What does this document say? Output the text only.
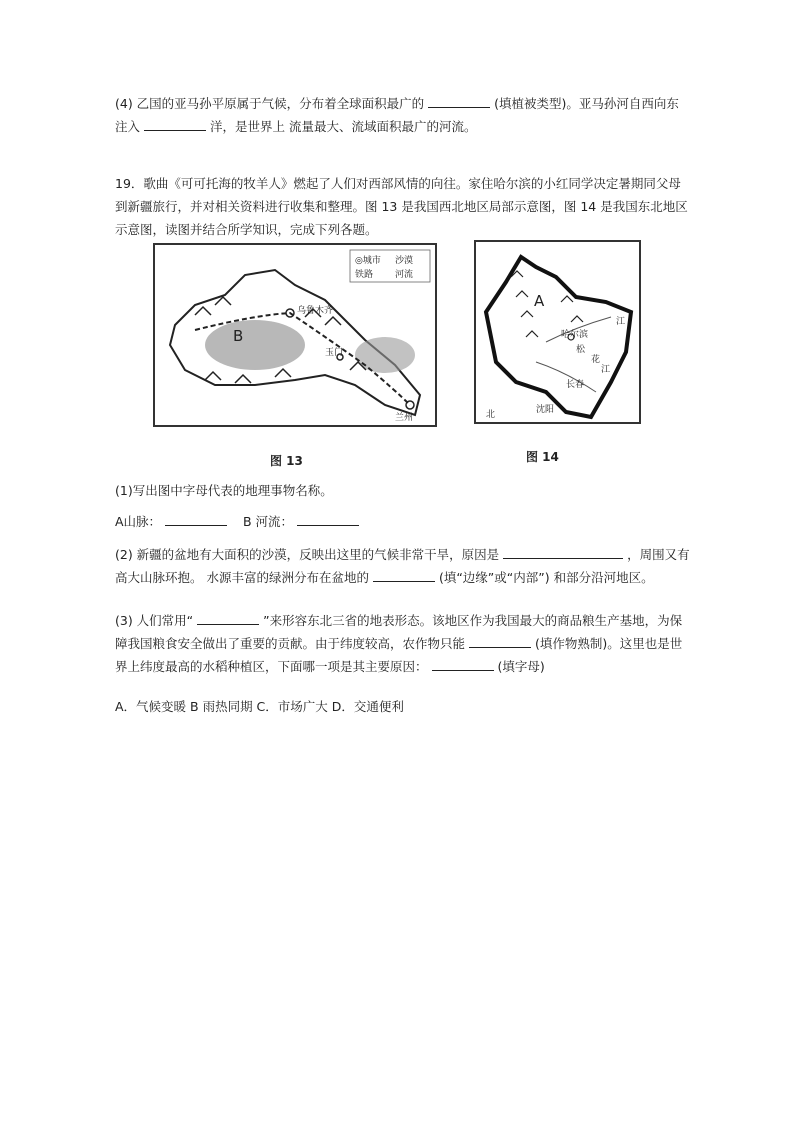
(4) 乙国的亚马孙平原属于气候，分布着全球面积最广的	(填植被类型)。亚马孙河自西向东注入	洋，是世界上 流量最大、流域面积最广的河流。
19．歌曲《可可托海的牧羊人》燃起了人们对西部风情的向往。家住哈尔滨的小红同学决定暑期同父母到新疆旅行，并对相关资料进行收集和整理。图 13 是我国西北地区局部示意图，图 14 是我国东北地区示意图，读图并结合所学知识，完成下列各题。
◎城市 沙漠
铁路 河流
乌鲁木齐
玉门
兰州
B
图 13
A
哈尔滨
江
松
花
江
长春
北	沈阳
图 14
(1)写出图中字母代表的地理事物名称。
A山脉：	B 河流：
(2) 新疆的盆地有大面积的沙漠，反映出这里的气候非常干旱，原因是	，周围又有高大山脉环抱。 水源丰富的绿洲分布在盆地的	(填“边缘”或“内部”) 和部分沿河地区。
(3) 人们常用“	”来形容东北三省的地表形态。该地区作为我国最大的商品粮生产基地，为保障我国粮食安全做出了重要的贡献。由于纬度较高，农作物只能	(填作物熟制)。这里也是世界上纬度最高的水稻种植区，下面哪一项是其主要原因：	(填字母)
A．气候变暖 B 雨热同期 C．市场广大 D．交通便利
